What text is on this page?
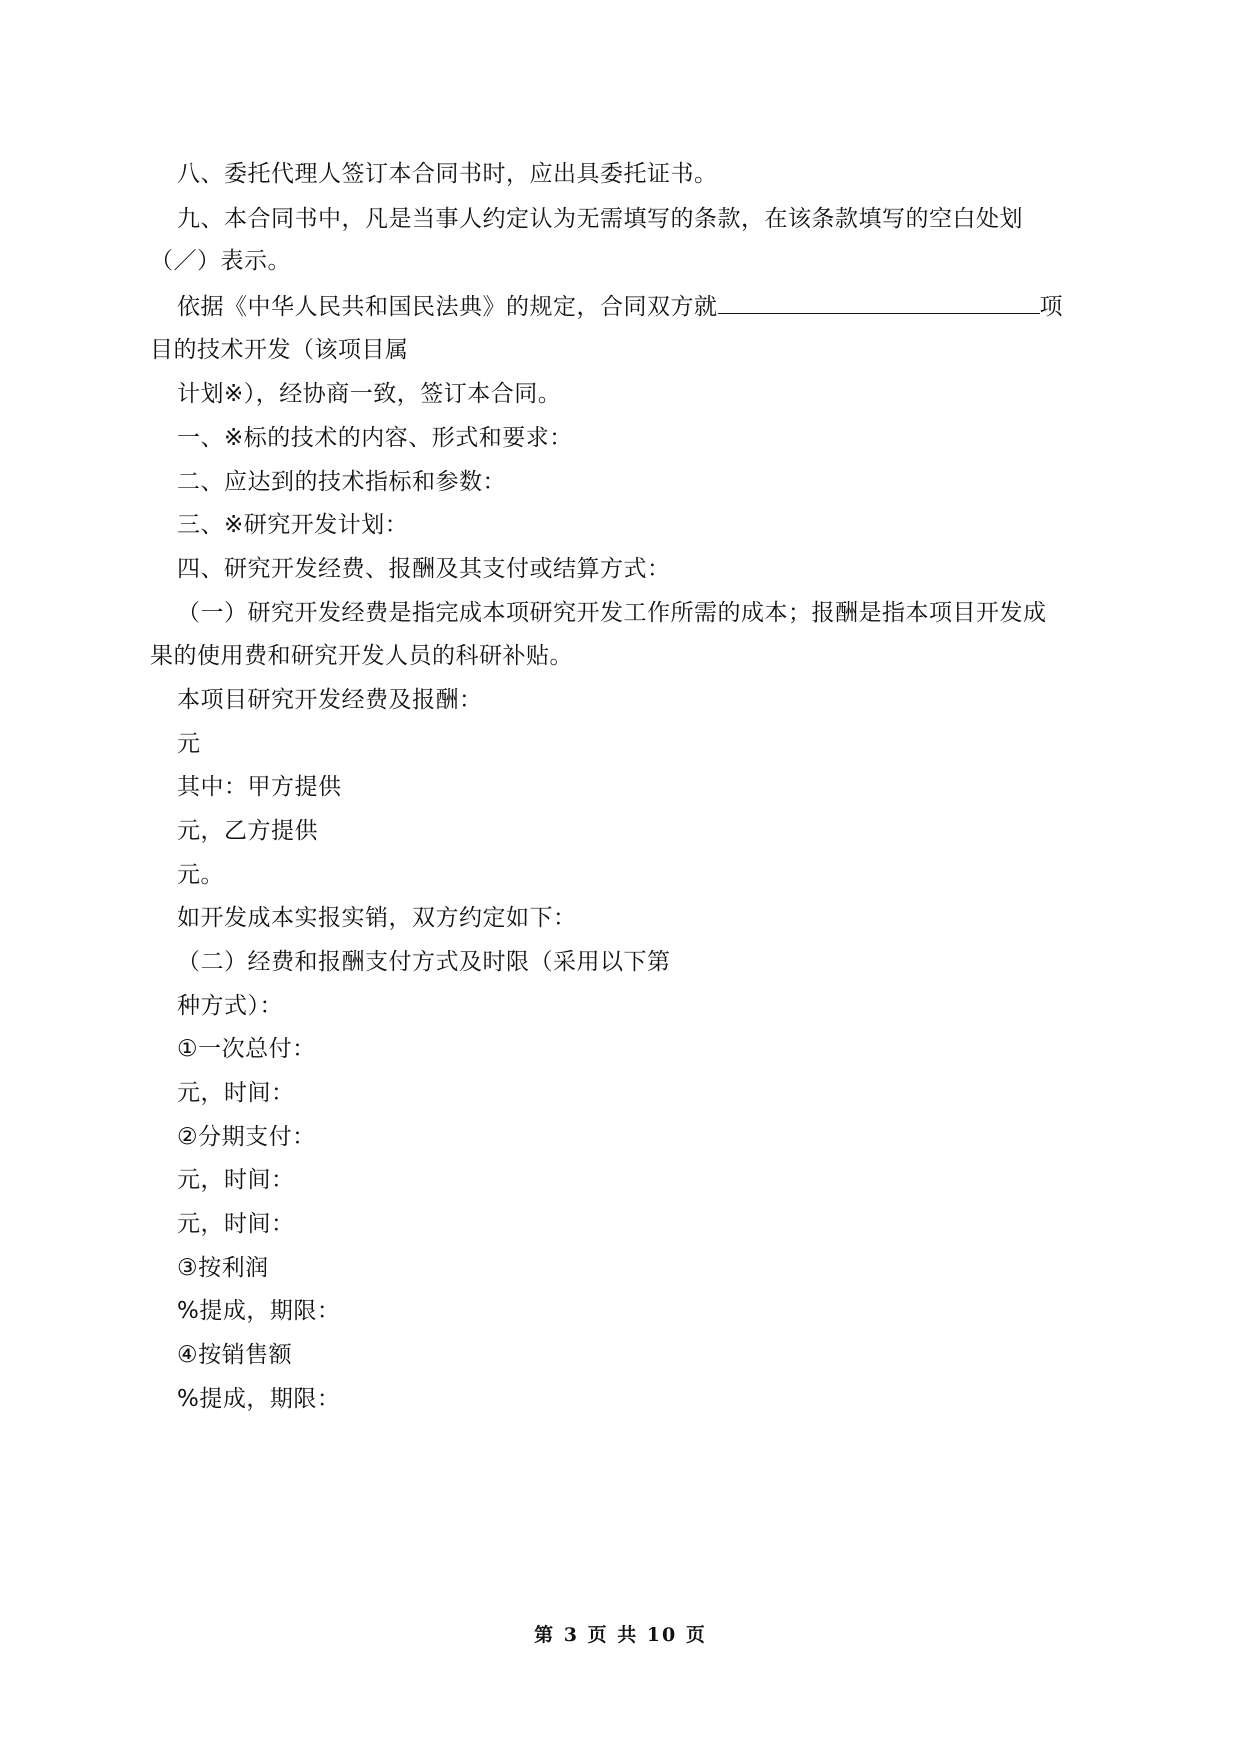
八、委托代理人签订本合同书时，应出具委托证书。
九、本合同书中，凡是当事人约定认为无需填写的条款，在该条款填写的空白处划
（／）表示。
依据《中华人民共和国民法典》的规定，合同双方就	项
目的技术开发（该项目属
计划※），经协商一致，签订本合同。
一、※标的技术的内容、形式和要求：
二、应达到的技术指标和参数：
三、※研究开发计划：
四、研究开发经费、报酬及其支付或结算方式：
（一）研究开发经费是指完成本项研究开发工作所需的成本；报酬是指本项目开发成
果的使用费和研究开发人员的科研补贴。
本项目研究开发经费及报酬：
元
其中：甲方提供
元，乙方提供
元。
如开发成本实报实销，双方约定如下：
（二）经费和报酬支付方式及时限（采用以下第
种方式）：
①一次总付：
元，时间：
②分期支付：
元，时间：
元，时间：
③按利润
%提成，期限：
④按销售额
%提成，期限：
第 3 页 共 10 页
